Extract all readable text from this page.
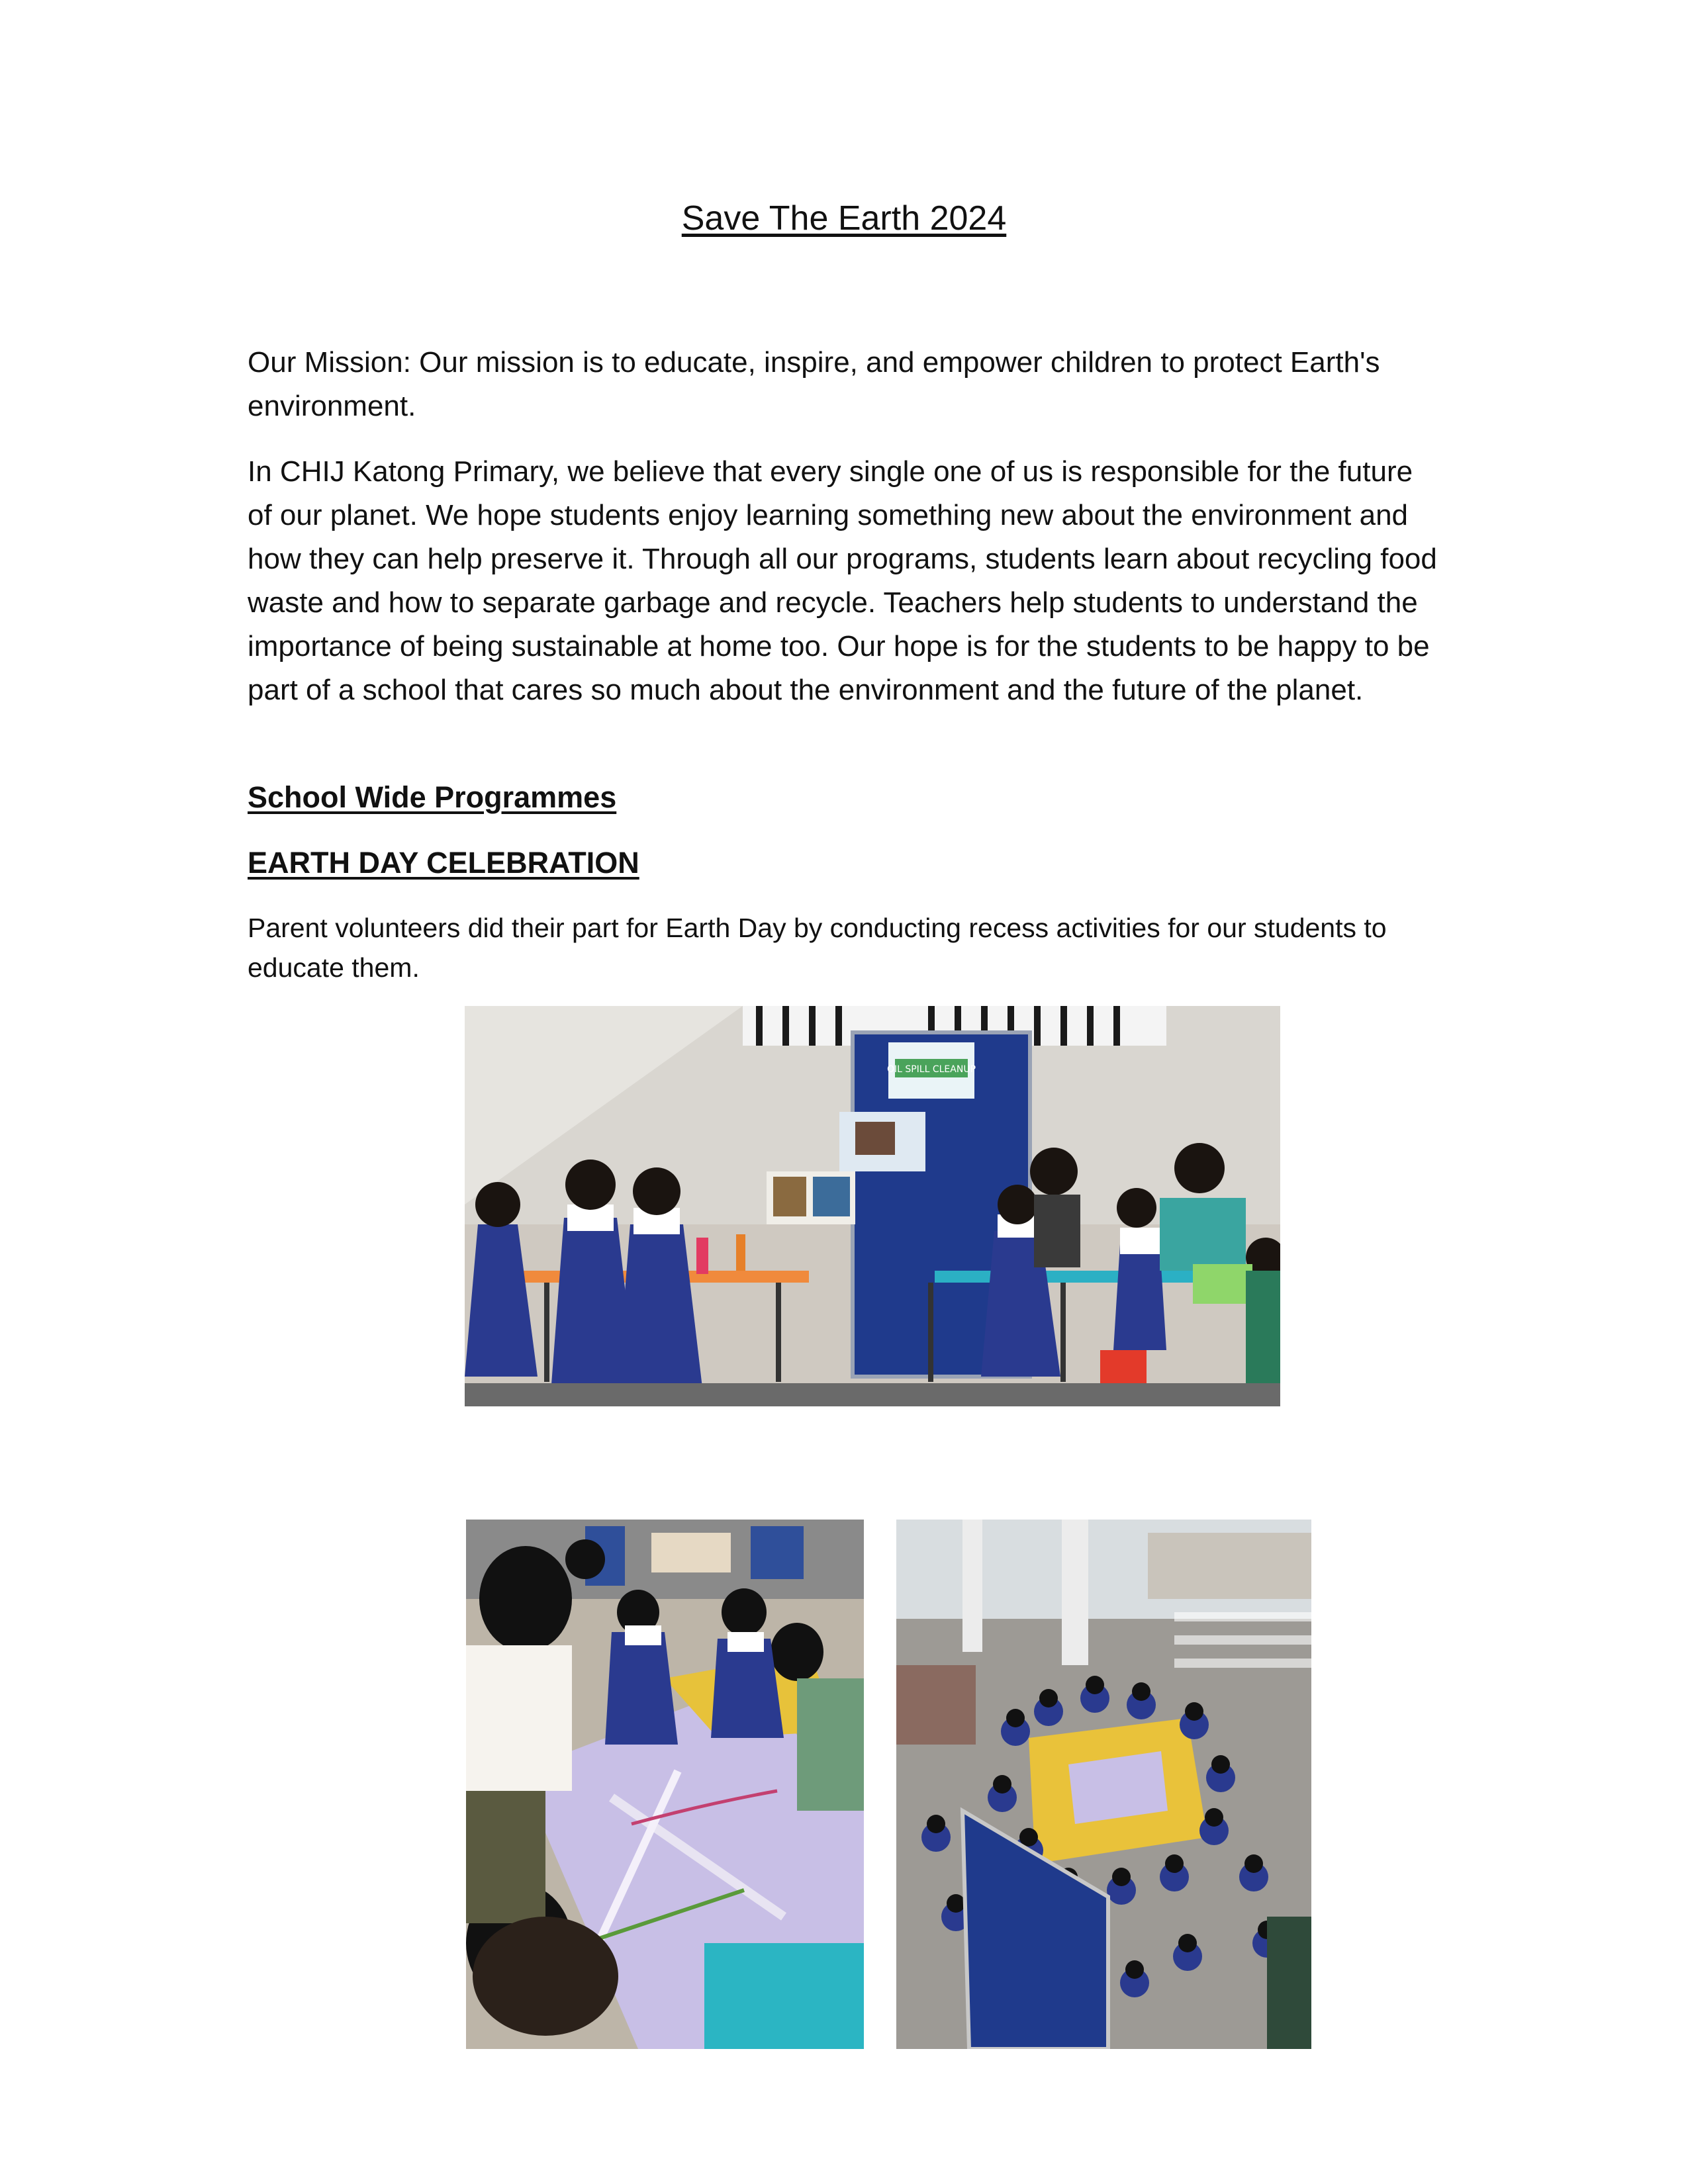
Save The Earth 2024
Our Mission: Our mission is to educate, inspire, and empower children to protect Earth's environment.
In CHIJ Katong Primary, we believe that every single one of us is responsible for the future of our planet. We hope students enjoy learning something new about the environment and how they can help preserve it. Through all our programs, students learn about recycling food waste and how to separate garbage and recycle. Teachers help students to understand the importance of being sustainable at home too. Our hope is for the students to be happy to be part of a school that cares so much about the environment and the future of the planet.
School Wide Programmes
EARTH DAY CELEBRATION
Parent volunteers did their part for Earth Day by conducting recess activities for our students to educate them.
OIL SPILL CLEANUP
